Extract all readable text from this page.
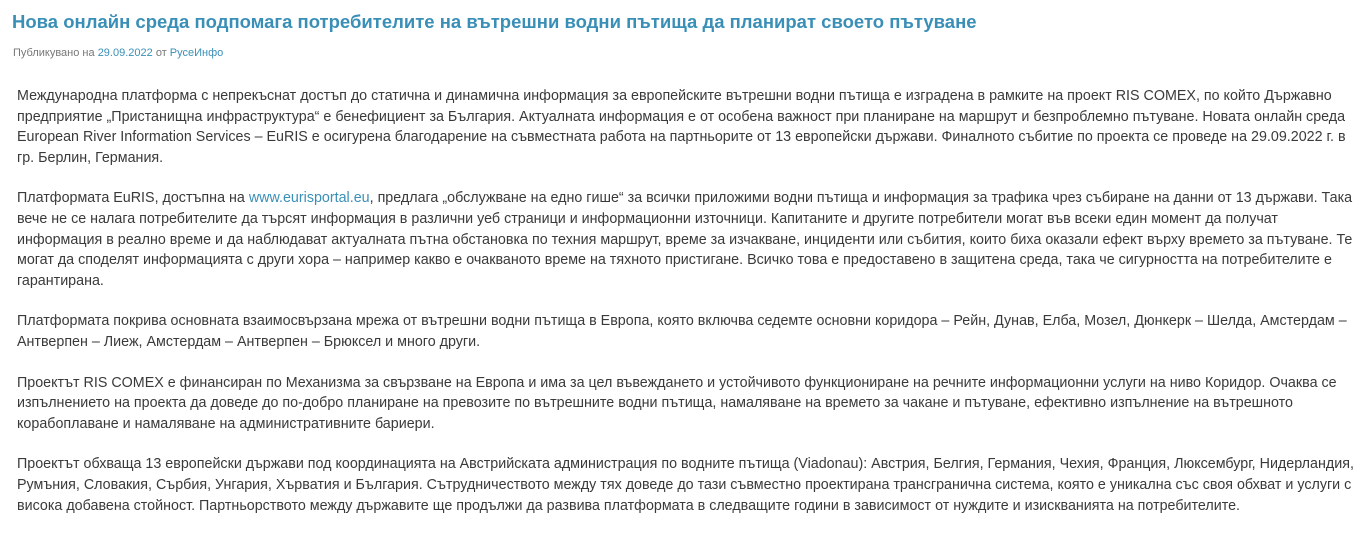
Нова онлайн среда подпомага потребителите на вътрешни водни пътища да планират своето пътуване
Публикувано на 29.09.2022 от РусеИнфо

Международна платформа с непрекъснат достъп до статична и динамична информация за европейските вътрешни водни пътища е изградена в рамките на проект RIS COMEX, по който Държавно предприятие „Пристанищна инфраструктура“ е бенефициент за България. Актуалната информация е от особена важност при планиране на маршрут и безпроблемно пътуване. Новата онлайн среда European River Information Services – EuRIS е осигурена благодарение на съвместната работа на партньорите от 13 европейски държави. Финалното събитие по проекта се проведе на 29.09.2022 г. в гр. Берлин, Германия.

Платформата EuRIS, достъпна на www.eurisportal.eu, предлага „обслужване на едно гише“ за всички приложими водни пътища и информация за трафика чрез събиране на данни от 13 държави. Така вече не се налага потребителите да търсят информация в различни уеб страници и информационни източници. Капитаните и другите потребители могат във всеки един момент да получат информация в реално време и да наблюдават актуалната пътна обстановка по техния маршрут, време за изчакване, инциденти или събития, които биха оказали ефект върху времето за пътуване. Те могат да споделят информацията с други хора – например какво е очакваното време на тяхното пристигане. Всичко това е предоставено в защитена среда, така че сигурността на потребителите е гарантирана.

Платформата покрива основната взаимосвързана мрежа от вътрешни водни пътища в Европа, която включва седемте основни коридора – Рейн, Дунав, Елба, Мозел, Дюнкерк – Шелда, Амстердам – Антверпен – Лиеж, Амстердам – Антверпен – Брюксел и много други.

Проектът RIS COMEX е финансиран по Механизма за свързване на Европа и има за цел въвеждането и устойчивото функциониране на речните информационни услуги на ниво Коридор. Очаква се изпълнението на проекта да доведе до по-добро планиране на превозите по вътрешните водни пътища, намаляване на времето за чакане и пътуване, ефективно изпълнение на вътрешното корабоплаване и намаляване на административните бариери.

Проектът обхваща 13 европейски държави под координацията на Австрийската администрация по водните пътища (Viadonau): Австрия, Белгия, Германия, Чехия, Франция, Люксембург, Нидерландия, Румъния, Словакия, Сърбия, Унгария, Хърватия и България. Сътрудничеството между тях доведе до тази съвместно проектирана трансгранична система, която е уникална със своя обхват и услуги с висока добавена стойност. Партньорството между държавите ще продължи да развива платформата в следващите години в зависимост от нуждите и изискванията на потребителите.
